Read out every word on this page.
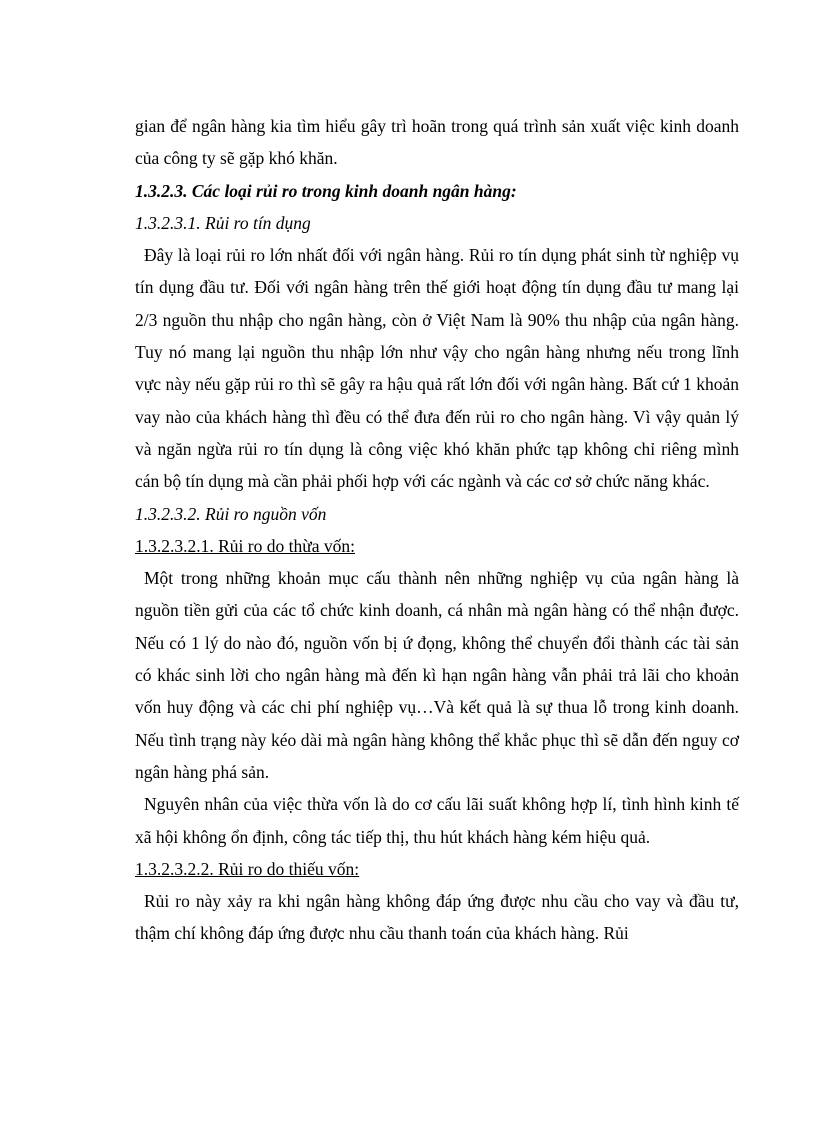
gian để ngân hàng kia tìm hiểu gây trì hoãn trong quá trình sản xuất việc kinh doanh của công ty sẽ gặp khó khăn.

1.3.2.3. Các loại rủi ro trong kinh doanh ngân hàng:

1.3.2.3.1. Rủi ro tín dụng

Đây là loại rủi ro lớn nhất đối với ngân hàng. Rủi ro tín dụng phát sinh từ nghiệp vụ tín dụng đầu tư. Đối với ngân hàng trên thế giới hoạt động tín dụng đầu tư mang lại 2/3 nguồn thu nhập cho ngân hàng, còn ở Việt Nam là 90% thu nhập của ngân hàng. Tuy nó mang lại nguồn thu nhập lớn như vậy cho ngân hàng nhưng nếu trong lĩnh vực này nếu gặp rủi ro thì sẽ gây ra hậu quả rất lớn đối với ngân hàng. Bất cứ 1 khoản vay nào của khách hàng thì đều có thể đưa đến rủi ro cho ngân hàng. Vì vậy quản lý và ngăn ngừa rủi ro tín dụng là công việc khó khăn phức tạp không chỉ riêng mình cán bộ tín dụng mà cần phải phối hợp với các ngành và các cơ sở chức năng khác.

1.3.2.3.2. Rủi ro nguồn vốn

1.3.2.3.2.1. Rủi ro do thừa vốn:

Một trong những khoản mục cấu thành nên những nghiệp vụ của ngân hàng là nguồn tiền gửi của các tổ chức kinh doanh, cá nhân mà ngân hàng có thể nhận được. Nếu có 1 lý do nào đó, nguồn vốn bị ứ đọng, không thể chuyển đổi thành các tài sản có khác sinh lời cho ngân hàng mà đến kì hạn ngân hàng vẫn phải trả lãi cho khoản vốn huy động và các chi phí nghiệp vụ…Và kết quả là sự thua lỗ trong kinh doanh. Nếu tình trạng này kéo dài mà ngân hàng không thể khắc phục thì sẽ dẫn đến nguy cơ ngân hàng phá sản.

Nguyên nhân của việc thừa vốn là do cơ cấu lãi suất không hợp lí, tình hình kinh tế xã hội không ổn định, công tác tiếp thị, thu hút khách hàng kém hiệu quả.

1.3.2.3.2.2. Rủi ro do thiếu vốn:

Rủi ro này xảy ra khi ngân hàng không đáp ứng được nhu cầu cho vay và đầu tư, thậm chí không đáp ứng được nhu cầu thanh toán của khách hàng. Rủi
